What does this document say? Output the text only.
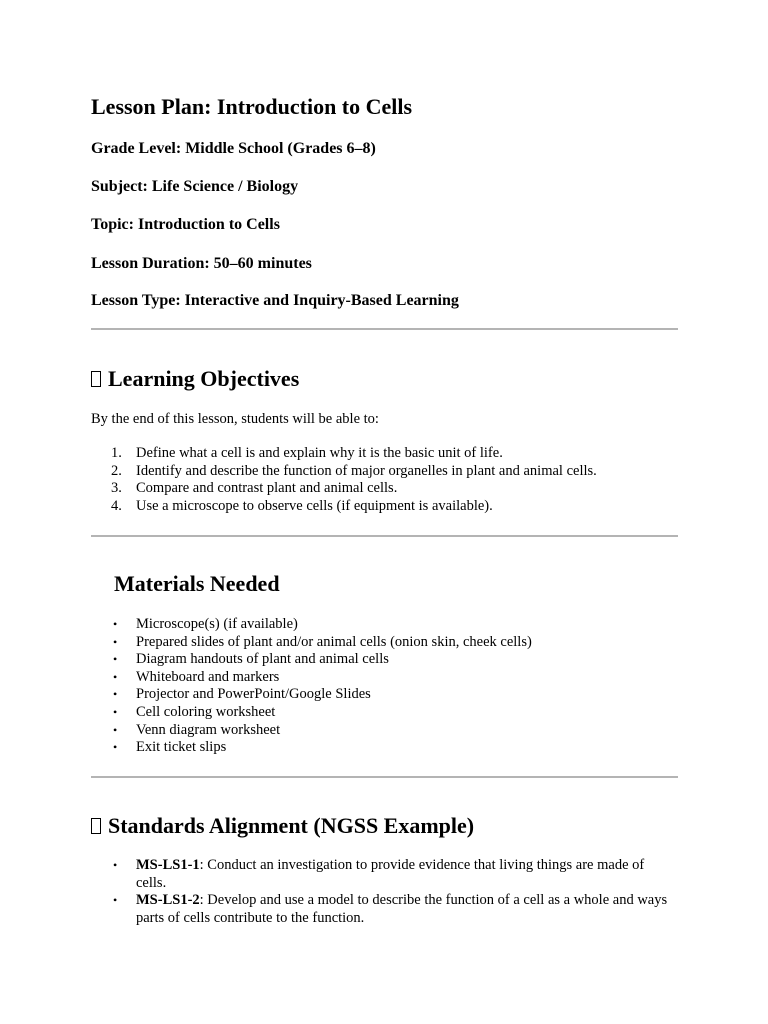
Lesson Plan: Introduction to Cells

Grade Level: Middle School (Grades 6–8)

Subject: Life Science / Biology

Topic: Introduction to Cells

Lesson Duration: 50–60 minutes

Lesson Type: Interactive and Inquiry-Based Learning

Learning Objectives

By the end of this lesson, students will be able to:

1. Define what a cell is and explain why it is the basic unit of life.
2. Identify and describe the function of major organelles in plant and animal cells.
3. Compare and contrast plant and animal cells.
4. Use a microscope to observe cells (if equipment is available).
Materials Needed
• Microscope(s) (if available)
• Prepared slides of plant and/or animal cells (onion skin, cheek cells)
• Diagram handouts of plant and animal cells
• Whiteboard and markers
• Projector and PowerPoint/Google Slides
• Cell coloring worksheet
• Venn diagram worksheet
• Exit ticket slips
Standards Alignment (NGSS Example)
• MS-LS1-1: Conduct an investigation to provide evidence that living things are made of cells.
• MS-LS1-2: Develop and use a model to describe the function of a cell as a whole and ways parts of cells contribute to the function.
